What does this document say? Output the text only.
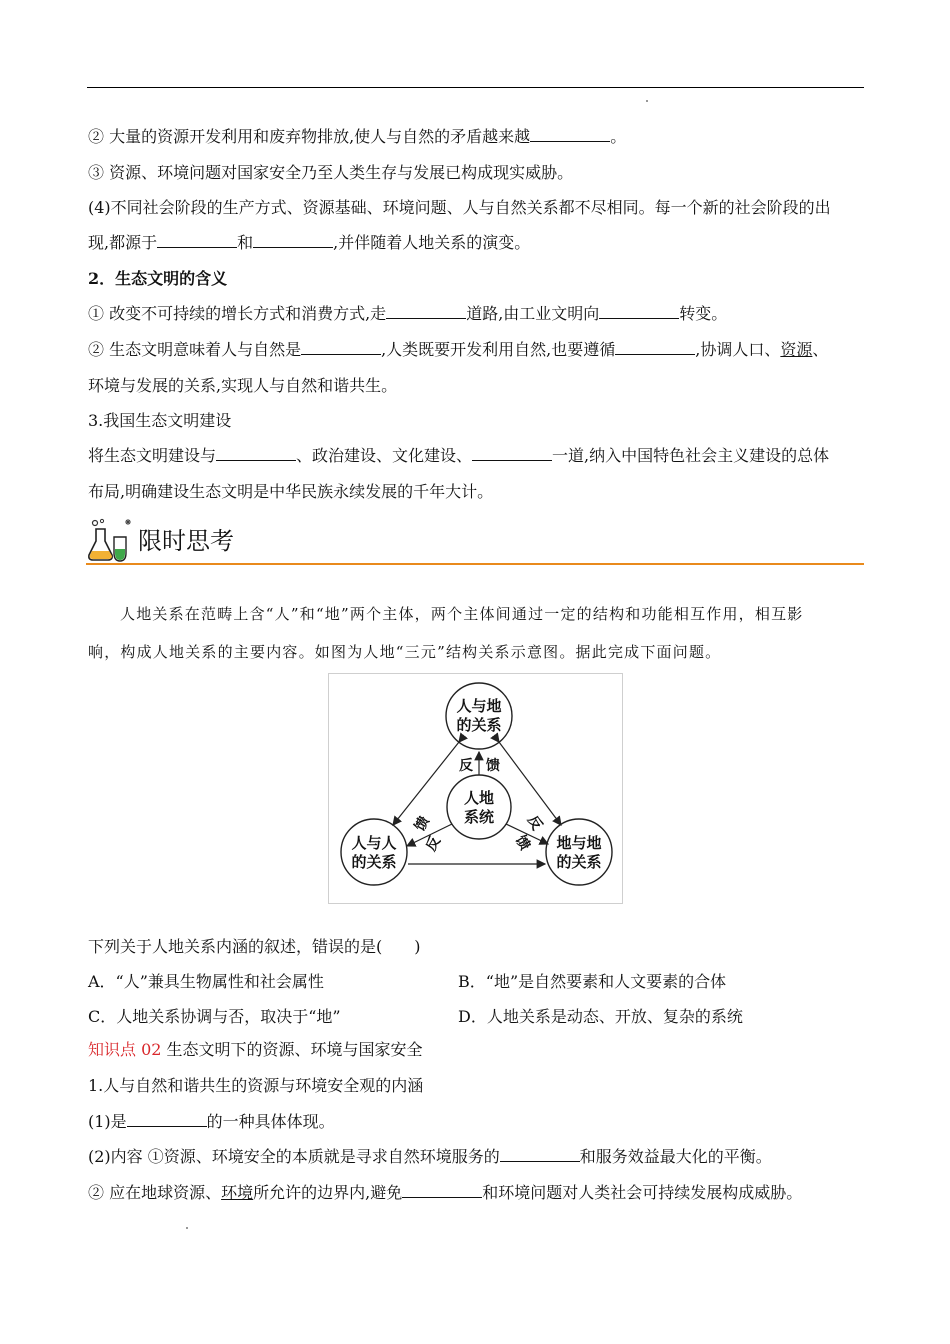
② 大量的资源开发利用和废弃物排放,使人与自然的矛盾越来越	。
③ 资源、环境问题对国家安全乃至人类生存与发展已构成现实威胁。
(4)不同社会阶段的生产方式、资源基础、环境问题、人与自然关系都不尽相同。每一个新的社会阶段的出
现,都源于	和	,并伴随着人地关系的演变。
2．生态文明的含义
① 改变不可持续的增长方式和消费方式,走	道路,由工业文明向	转变。
② 生态文明意味着人与自然是	,人类既要开发利用自然,也要遵循	,协调人口、资源、
环境与发展的关系,实现人与自然和谐共生。
3.我国生态文明建设
将生态文明建设与	、政治建设、文化建设、	一道,纳入中国特色社会主义建设的总体
布局,明确建设生态文明是中华民族永续发展的千年大计。
限时思考
人地关系在范畴上含“人”和“地”两个主体，两个主体间通过一定的结构和功能相互作用，相互影
响，构成人地关系的主要内容。如图为人地“三元”结构关系示意图。据此完成下面问题。
人与地
的关系
人地
系统
人与人
的关系
地与地
的关系
反 馈
馈
反
反
馈
下列关于人地关系内涵的叙述，错误的是(　　)
A．“人”兼具生物属性和社会属性	B．“地”是自然要素和人文要素的合体
C．人地关系协调与否，取决于“地”	D．人地关系是动态、开放、复杂的系统
知识点 02 生态文明下的资源、环境与国家安全
1.人与自然和谐共生的资源与环境安全观的内涵
(1)是	的一种具体体现。
(2)内容 ①资源、环境安全的本质就是寻求自然环境服务的	和服务效益最大化的平衡。
② 应在地球资源、环境所允许的边界内,避免	和环境问题对人类社会可持续发展构成威胁。
